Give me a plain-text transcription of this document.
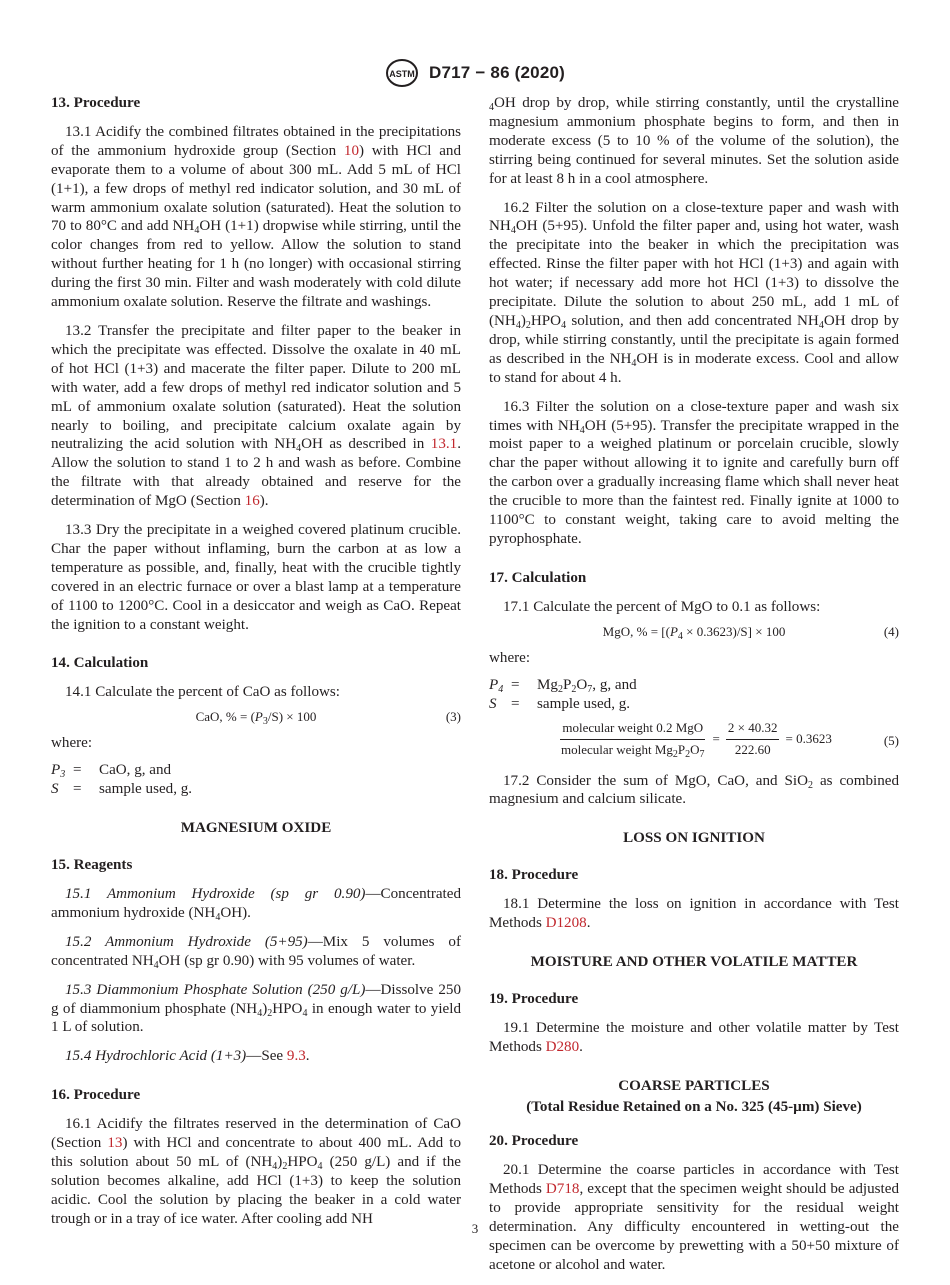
ASTM D717 − 86 (2020)
13. Procedure

13.1 Acidify the combined filtrates obtained in the precipitations of the ammonium hydroxide group (Section 10) with HCl and evaporate them to a volume of about 300 mL. Add 5 mL of HCl (1+1), a few drops of methyl red indicator solution, and 30 mL of warm ammonium oxalate solution (saturated). Heat the solution to 70 to 80°C and add $NH_4OH$ (1+1) dropwise while stirring, until the color changes from red to yellow. Allow the solution to stand without further heating for 1 h (no longer) with occasional stirring during the first 30 min. Filter and wash moderately with cold dilute ammonium oxalate solution. Reserve the filtrate and washings.

13.2 Transfer the precipitate and filter paper to the beaker in which the precipitate was effected. Dissolve the oxalate in 40 mL of hot HCl (1+3) and macerate the filter paper. Dilute to 200 mL with water, add a few drops of methyl red indicator solution and 5 mL of ammonium oxalate solution (saturated). Heat the solution nearly to boiling, and precipitate calcium oxalate again by neutralizing the acid solution with $NH_4OH$ as described in 13.1. Allow the solution to stand 1 to 2 h and wash as before. Combine the filtrate with that already obtained and reserve for the determination of MgO (Section 16).

13.3 Dry the precipitate in a weighed covered platinum crucible. Char the paper without inflaming, burn the carbon at as low a temperature as possible, and, finally, heat with the crucible tightly covered in an electric furnace or over a blast lamp at a temperature of 1100 to 1200°C. Cool in a desiccator and weigh as CaO. Repeat the ignition to a constant weight.

14. Calculation

14.1 Calculate the percent of CaO as follows:

CaO, % = $(P_3/S) \times 100$	(3)
where:
$P_3$ =	CaO, g, and
S =	sample used, g.
MAGNESIUM OXIDE
15. Reagents

15.1 Ammonium Hydroxide (sp gr 0.90)—Concentrated ammonium hydroxide $(NH_4OH)$.

15.2 Ammonium Hydroxide (5+95)—Mix 5 volumes of concentrated $NH_4OH$ (sp gr 0.90) with 95 volumes of water.

15.3 Diammonium Phosphate Solution (250 g/L)—Dissolve 250 g of diammonium phosphate $(NH_4)_2HPO_4$ in enough water to yield 1 L of solution.

15.4 Hydrochloric Acid (1+3)—See 9.3.

16. Procedure

16.1 Acidify the filtrates reserved in the determination of CaO (Section 13) with HCl and concentrate to about 400 mL. Add to this solution about 50 mL of $(NH_4)_2HPO_4$ (250 g/L) and if the solution becomes alkaline, add HCl (1+3) to keep the solution acidic. Cool the solution by placing the beaker in a cold water trough or in a tray of ice water. After cooling add NH

$_4$OH drop by drop, while stirring constantly, until the crystalline magnesium ammonium phosphate begins to form, and then in moderate excess (5 to 10 % of the volume of the solution), the stirring being continued for several minutes. Set the solution aside for at least 8 h in a cool atmosphere.

16.2 Filter the solution on a close-texture paper and wash with $NH_4OH$ (5+95). Unfold the filter paper and, using hot water, wash the precipitate into the beaker in which the precipitation was effected. Rinse the filter paper with hot HCl (1+3) and again with hot water; if necessary add more hot HCl (1+3) to dissolve the precipitate. Dilute the solution to about 250 mL, add 1 mL of $(NH_4)_2HPO_4$ solution, and then add concentrated $NH_4OH$ drop by drop, while stirring constantly, until the precipitate is again formed as described in the $NH_4OH$ is in moderate excess. Cool and allow to stand for about 4 h.

16.3 Filter the solution on a close-texture paper and wash six times with $NH_4OH$ (5+95). Transfer the precipitate wrapped in the moist paper to a weighed platinum or porcelain crucible, slowly char the paper without allowing it to ignite and carefully burn off the carbon over a gradually increasing flame which shall never heat the crucible to more than the faintest red. Finally ignite at 1000 to 1100°C to constant weight, taking care to avoid melting the pyrophosphate.

17. Calculation

17.1 Calculate the percent of MgO to 0.1 as follows:

MgO, % = $[(P_4 \times 0.3623)/S] \times 100$	(4)
where:
$P_4$ =	$Mg_2P_2O_7$, g, and
S =	sample used, g.
$\frac{\text{molecular weight 0.2 MgO}}{molecular weight Mg_2P_2O_7} = \frac{2 \times 40.32}{222.60} = 0.3623$	(5)

17.2 Consider the sum of MgO, CaO, and SiO$_2$ as combined magnesium and calcium silicate.

LOSS ON IGNITION
18. Procedure

18.1 Determine the loss on ignition in accordance with Test Methods D1208.

MOISTURE AND OTHER VOLATILE MATTER
19. Procedure

19.1 Determine the moisture and other volatile matter by Test Methods D280.

COARSE PARTICLES
(Total Residue Retained on a No. 325 (45-µm) Sieve)
20. Procedure

20.1 Determine the coarse particles in accordance with Test Methods D718, except that the specimen weight should be adjusted to provide appropriate sensitivity for the residual weight determination. Any difficulty encountered in wetting-out the specimen can be overcome by prewetting with a 50+50 mixture of acetone or alcohol and water.

3
